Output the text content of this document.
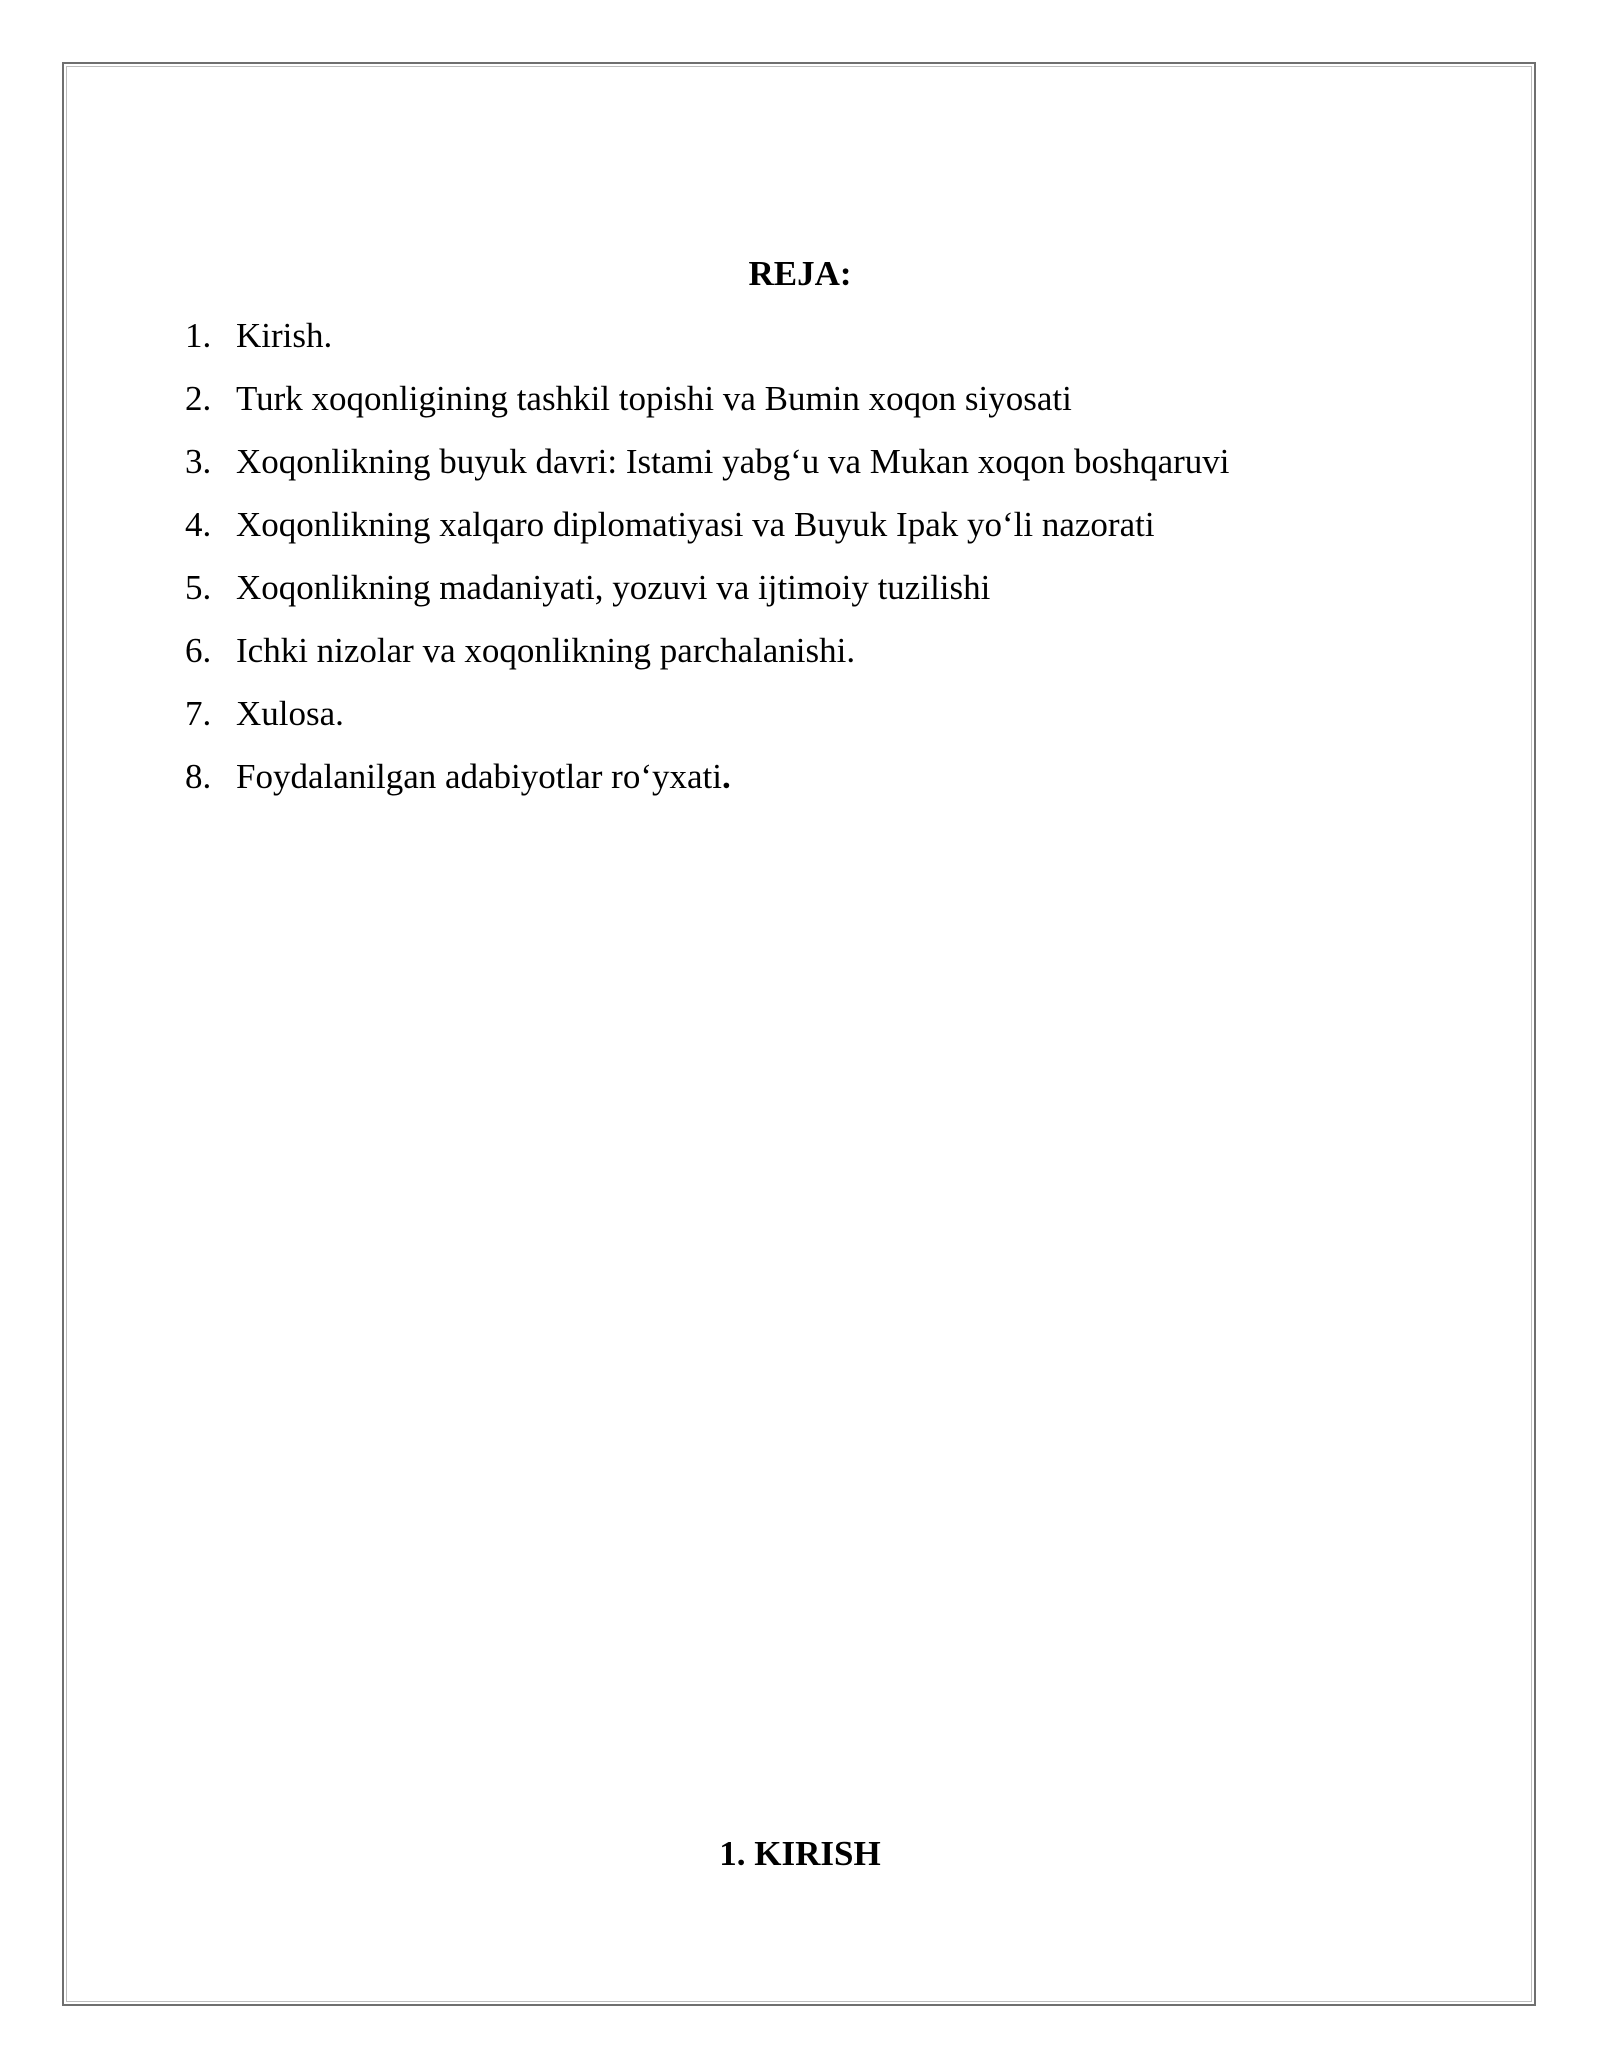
REJA:
1. Kirish.
2. Turk xoqonligining tashkil topishi va Bumin xoqon siyosati
3. Xoqonlikning buyuk davri: Istami yabgʻu va Mukan xoqon boshqaruvi
4. Xoqonlikning xalqaro diplomatiyasi va Buyuk Ipak yoʻli nazorati
5. Xoqonlikning madaniyati, yozuvi va ijtimoiy tuzilishi
6. Ichki nizolar va xoqonlikning parchalanishi.
7. Xulosa.
8. Foydalanilgan adabiyotlar roʻyxati.
1. KIRISH
